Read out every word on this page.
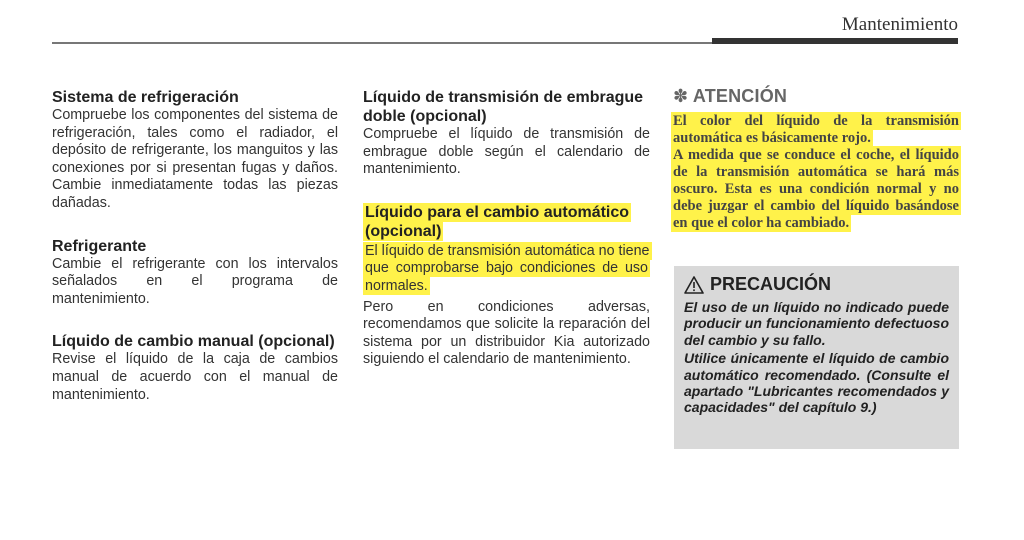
Mantenimiento
Sistema de refrigeración

Compruebe los componentes del sistema de refrigeración, tales como el radiador, el depósito de refrigerante, los manguitos y las conexiones por si presentan fugas y daños. Cambie inmediatamente todas las piezas dañadas.

Refrigerante

Cambie el refrigerante con los intervalos señalados en el programa de mantenimiento.

Líquido de cambio manual (opcional)

Revise el líquido de la caja de cambios manual de acuerdo con el manual de mantenimiento.

Líquido de transmisión de embrague doble (opcional)

Compruebe el líquido de transmisión de embrague doble según el calendario de mantenimiento.

Líquido para el cambio automático (opcional)

El líquido de transmisión automática no tiene que comprobarse bajo condiciones de uso normales.

Pero en condiciones adversas, recomendamos que solicite la reparación del sistema por un distribuidor Kia autorizado siguiendo el calendario de mantenimiento.

✽ ATENCIÓN

El color del líquido de la transmisión automática es básicamente rojo.
A medida que se conduce el coche, el líquido de la transmisión automática se hará más oscuro. Esta es una condición normal y no debe juzgar el cambio del líquido basándose en que el color ha cambiado.

PRECAUCIÓN

El uso de un líquido no indicado puede producir un funcionamiento defectuoso del cambio y su fallo.

Utilice únicamente el líquido de cambio automático recomendado. (Consulte el apartado "Lubricantes recomendados y capacidades" del capítulo 9.)
